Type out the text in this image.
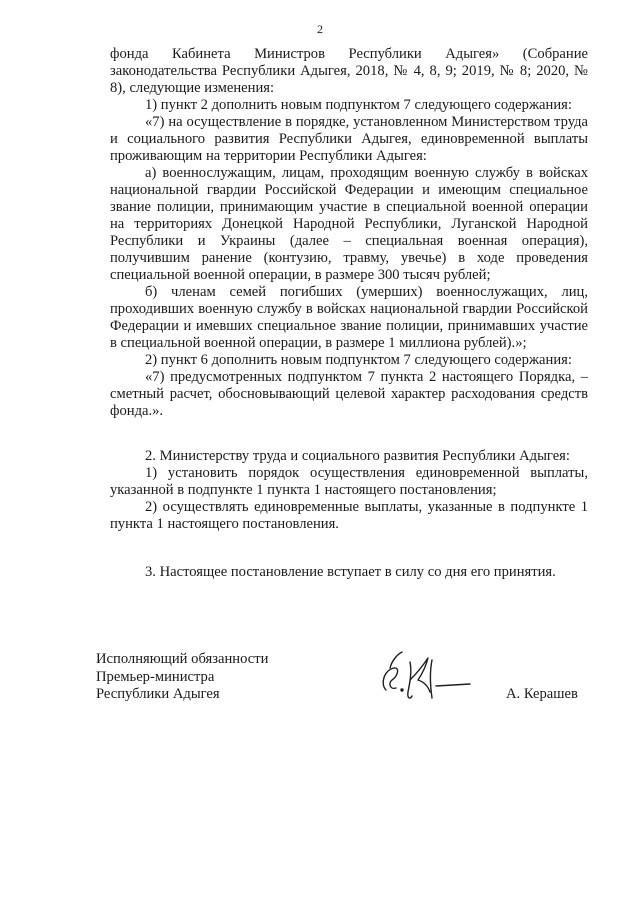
2

фонда Кабинета Министров Республики Адыгея» (Собрание законодательства Республики Адыгея, 2018, № 4, 8, 9; 2019, № 8; 2020, № 8), следующие изменения:

1) пункт 2 дополнить новым подпунктом 7 следующего содержания:

«7) на осуществление в порядке, установленном Министерством труда и социального развития Республики Адыгея, единовременной выплаты проживающим на территории Республики Адыгея:

а) военнослужащим, лицам, проходящим военную службу в войсках национальной гвардии Российской Федерации и имеющим специальное звание полиции, принимающим участие в специальной военной операции на территориях Донецкой Народной Республики, Луганской Народной Республики и Украины (далее – специальная военная операция), получившим ранение (контузию, травму, увечье) в ходе проведения специальной военной операции, в размере 300 тысяч рублей;

б) членам семей погибших (умерших) военнослужащих, лиц, проходивших военную службу в войсках национальной гвардии Российской Федерации и имевших специальное звание полиции, принимавших участие в специальной военной операции, в размере 1 миллиона рублей).»;

2) пункт 6 дополнить новым подпунктом 7 следующего содержания:

«7) предусмотренных подпунктом 7 пункта 2 настоящего Порядка, – сметный расчет, обосновывающий целевой характер расходования средств фонда.».

2. Министерству труда и социального развития Республики Адыгея:

1) установить порядок осуществления единовременной выплаты, указанной в подпункте 1 пункта 1 настоящего постановления;

2) осуществлять единовременные выплаты, указанные в подпункте 1 пункта 1 настоящего постановления.

3. Настоящее постановление вступает в силу со дня его принятия.

Исполняющий обязанности
Премьер-министра
Республики Адыгея	А. Керашев
